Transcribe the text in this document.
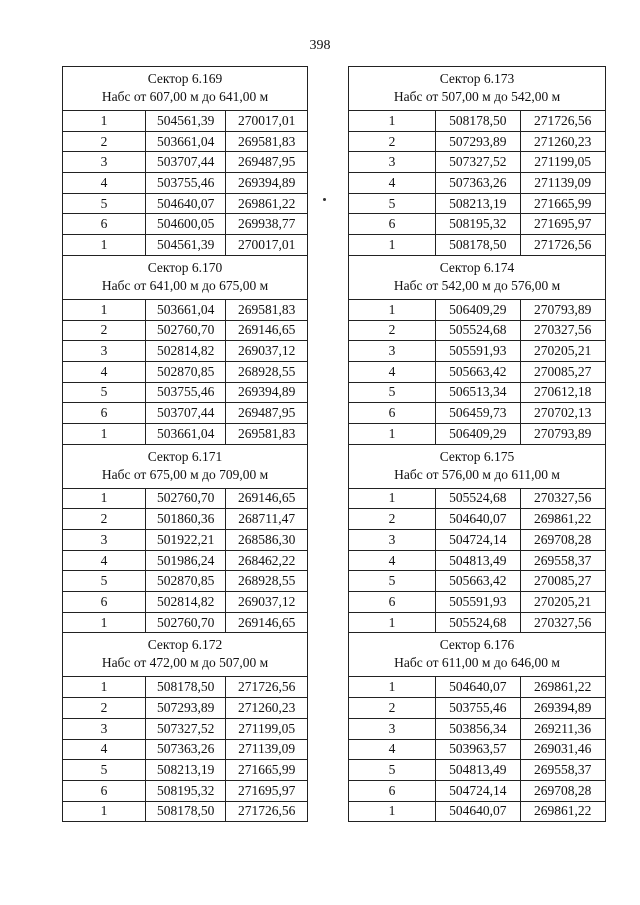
398
Сектор 6.169
Набс от 607,00 м до 641,00 м
1	504561,39	270017,01
2	503661,04	269581,83
3	503707,44	269487,95
4	503755,46	269394,89
5	504640,07	269861,22
6	504600,05	269938,77
1	504561,39	270017,01
Сектор 6.170
Набс от 641,00 м до 675,00 м
1	503661,04	269581,83
2	502760,70	269146,65
3	502814,82	269037,12
4	502870,85	268928,55
5	503755,46	269394,89
6	503707,44	269487,95
1	503661,04	269581,83
Сектор 6.171
Набс от 675,00 м до 709,00 м
1	502760,70	269146,65
2	501860,36	268711,47
3	501922,21	268586,30
4	501986,24	268462,22
5	502870,85	268928,55
6	502814,82	269037,12
1	502760,70	269146,65
Сектор 6.172
Набс от 472,00 м до 507,00 м
1	508178,50	271726,56
2	507293,89	271260,23
3	507327,52	271199,05
4	507363,26	271139,09
5	508213,19	271665,99
6	508195,32	271695,97
1	508178,50	271726,56
Сектор 6.173
Набс от 507,00 м до 542,00 м
1	508178,50	271726,56
2	507293,89	271260,23
3	507327,52	271199,05
4	507363,26	271139,09
5	508213,19	271665,99
6	508195,32	271695,97
1	508178,50	271726,56
Сектор 6.174
Набс от 542,00 м до 576,00 м
1	506409,29	270793,89
2	505524,68	270327,56
3	505591,93	270205,21
4	505663,42	270085,27
5	506513,34	270612,18
6	506459,73	270702,13
1	506409,29	270793,89
Сектор 6.175
Набс от 576,00 м до 611,00 м
1	505524,68	270327,56
2	504640,07	269861,22
3	504724,14	269708,28
4	504813,49	269558,37
5	505663,42	270085,27
6	505591,93	270205,21
1	505524,68	270327,56
Сектор 6.176
Набс от 611,00 м до 646,00 м
1	504640,07	269861,22
2	503755,46	269394,89
3	503856,34	269211,36
4	503963,57	269031,46
5	504813,49	269558,37
6	504724,14	269708,28
1	504640,07	269861,22
